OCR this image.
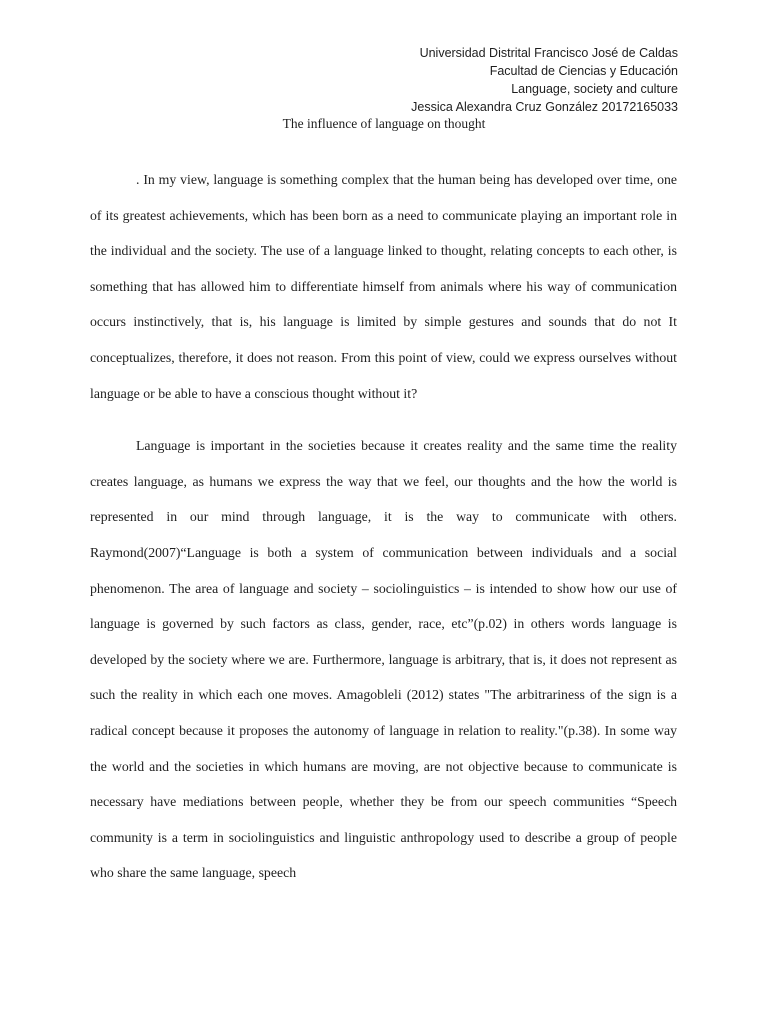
Universidad Distrital Francisco José de Caldas
Facultad de Ciencias y Educación
Language, society and culture
Jessica Alexandra Cruz González 20172165033
The influence of language on thought

. In my view, language is something complex that the human being has developed over time, one of its greatest achievements, which has been born as a need to communicate playing an important role in the individual and the society. The use of a language linked to thought, relating concepts to each other, is something that has allowed him to differentiate himself from animals where his way of communication occurs instinctively, that is, his language is limited by simple gestures and sounds that do not It conceptualizes, therefore, it does not reason. From this point of view, could we express ourselves without language or be able to have a conscious thought without it?

Language is important in the societies because it creates reality and the same time the reality creates language, as humans we express the way that we feel, our thoughts and the how the world is represented in our mind through language, it is the way to communicate with others. Raymond(2007)“Language is both a system of communication between individuals and a social phenomenon. The area of language and society – sociolinguistics – is intended to show how our use of language is governed by such factors as class, gender, race, etc”(p.02) in others words language is developed by the society where we are. Furthermore, language is arbitrary, that is, it does not represent as such the reality in which each one moves. Amagobleli (2012) states "The arbitrariness of the sign is a radical concept because it proposes the autonomy of language in relation to reality."(p.38). In some way the world and the societies in which humans are moving, are not objective because to communicate is necessary have mediations between people, whether they be from our speech communities “Speech community is a term in sociolinguistics and linguistic anthropology used to describe a group of people who share the same language, speech
